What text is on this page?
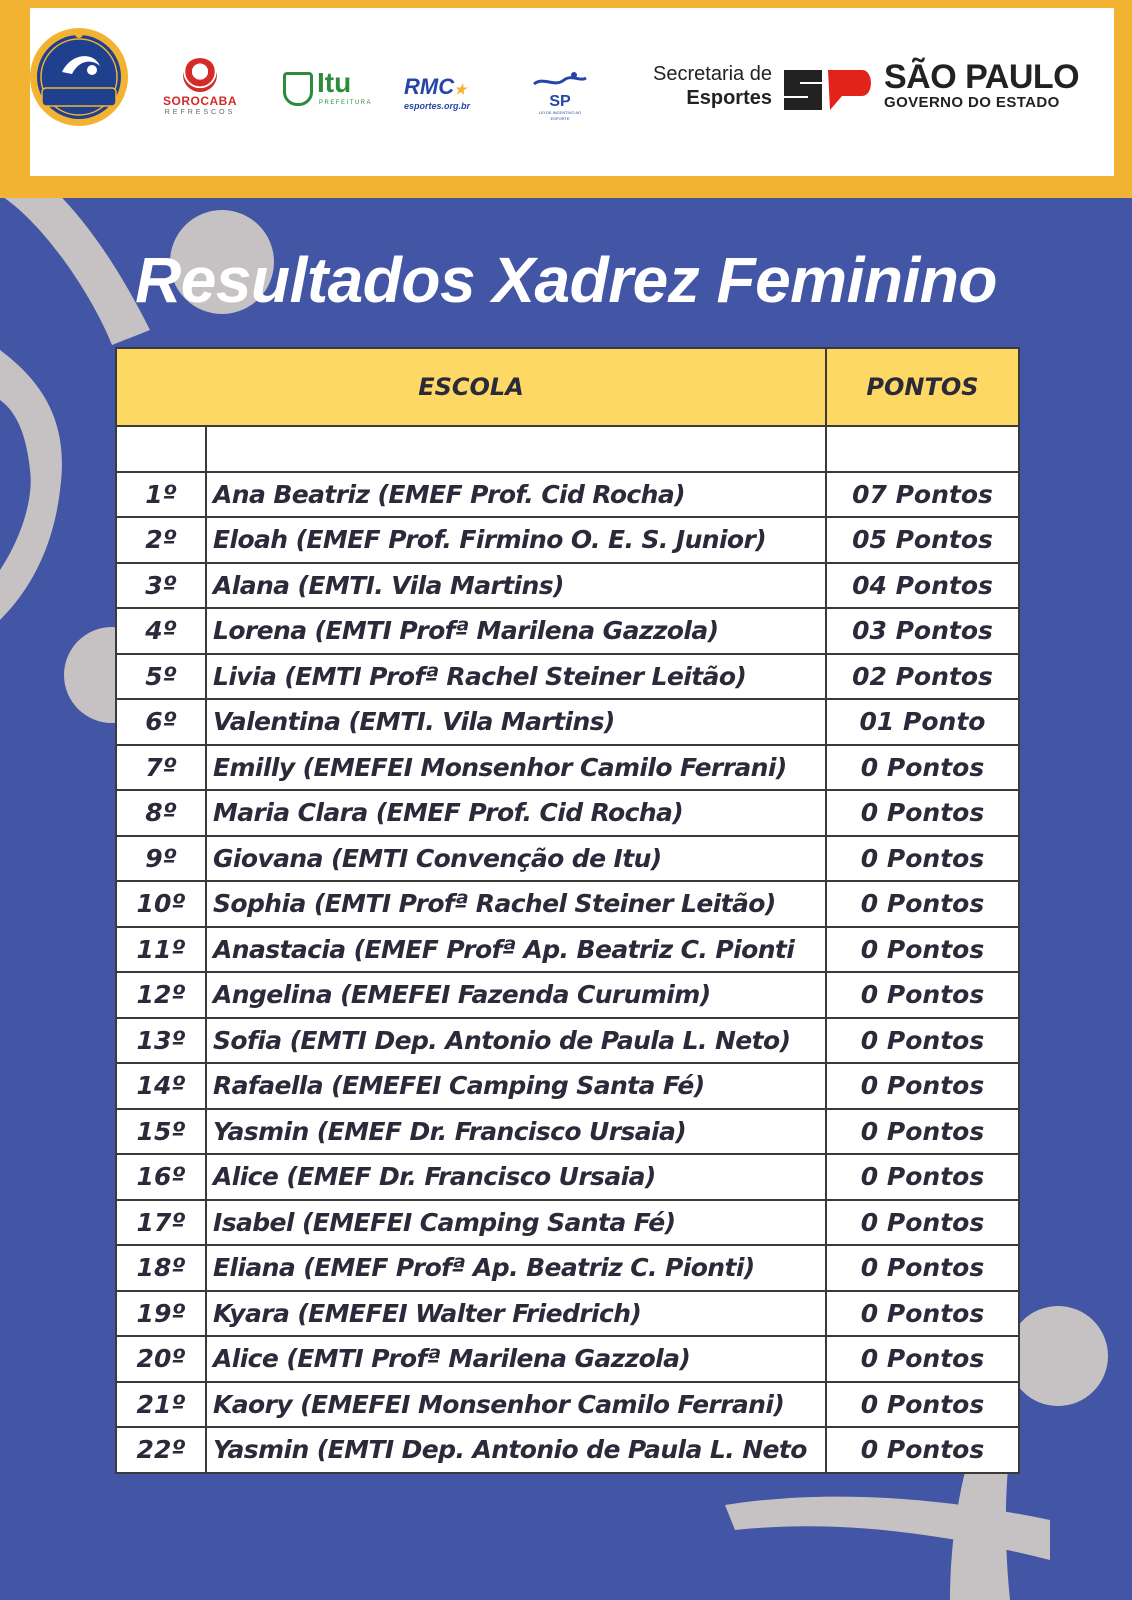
SOROCABA
REFRESCOS
Itu
PREFEITURA
RMC★
esportes.org.br	SP
LEI DE INCENTIVO AO ESPORTE
Secretaria de
Esportes
SÃO PAULO
GOVERNO DO ESTADO
Resultados Xadrez Feminino
ESCOLA		PONTOS

1º	Ana Beatriz (EMEF Prof. Cid Rocha)	07 Pontos
2º	Eloah (EMEF Prof. Firmino O. E. S. Junior)	05 Pontos
3º	Alana (EMTI. Vila Martins)	04 Pontos
4º	Lorena (EMTI Profª Marilena Gazzola)	03 Pontos
5º	Livia (EMTI Profª Rachel Steiner Leitão)	02 Pontos
6º	Valentina (EMTI. Vila Martins)	01 Ponto
7º	Emilly (EMEFEI Monsenhor Camilo Ferrani)	0 Pontos
8º	Maria Clara (EMEF Prof. Cid Rocha)	0 Pontos
9º	Giovana (EMTI Convenção de Itu)	0 Pontos
10º	Sophia (EMTI Profª Rachel Steiner Leitão)	0 Pontos
11º	Anastacia (EMEF Profª Ap. Beatriz C. Pionti	0 Pontos
12º	Angelina (EMEFEI Fazenda Curumim)	0 Pontos
13º	Sofia (EMTI Dep. Antonio de Paula L. Neto)	0 Pontos
14º	Rafaella (EMEFEI Camping Santa Fé)	0 Pontos
15º	Yasmin (EMEF Dr. Francisco Ursaia)	0 Pontos
16º	Alice (EMEF Dr. Francisco Ursaia)	0 Pontos
17º	Isabel (EMEFEI Camping Santa Fé)	0 Pontos
18º	Eliana (EMEF Profª Ap. Beatriz C. Pionti)	0 Pontos
19º	Kyara (EMEFEI Walter Friedrich)	0 Pontos
20º	Alice (EMTI Profª Marilena Gazzola)	0 Pontos
21º	Kaory (EMEFEI Monsenhor Camilo Ferrani)	0 Pontos
22º	Yasmin (EMTI Dep. Antonio de Paula L. Neto	0 Pontos
